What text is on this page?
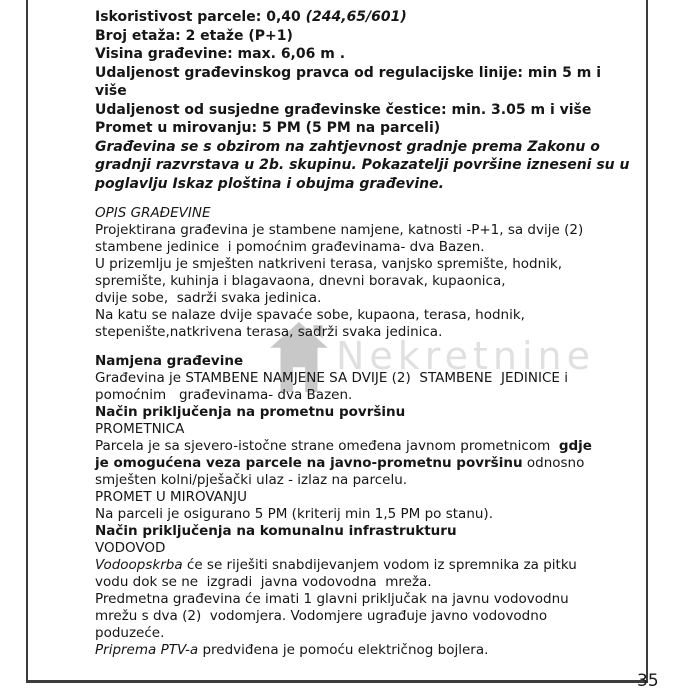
Nekretnine
Iskoristivost parcele: 0,40 (244,65/601)
Broj etaža: 2 etaže (P+1)
Visina građevine: max. 6,06 m .
Udaljenost građevinskog pravca od regulacijske linije: min 5 m i
više
Udaljenost od susjedne građevinske čestice: min. 3.05 m i više
Promet u mirovanju: 5 PM (5 PM na parceli)
Građevina se s obzirom na zahtjevnost gradnje prema Zakonu o
gradnji razvrstava u 2b. skupinu. Pokazatelji površine izneseni su u
poglavlju Iskaz ploština i obujma građevine.
OPIS GRAĐEVINE
Projektirana građevina je stambene namjene, katnosti -P+1, sa dvije (2)
stambene jedinice  i pomoćnim građevinama- dva Bazen.
U prizemlju je smješten natkriveni terasa, vanjsko spremište, hodnik,
spremište, kuhinja i blagavaona, dnevni boravak, kupaonica,
dvije sobe,  sadrži svaka jedinica.
Na katu se nalaze dvije spavaće sobe, kupaona, terasa, hodnik,
stepenište,natkrivena terasa, sadrži svaka jedinica.
Namjena građevine
Građevina je STAMBENE NAMJENE SA DVIJE (2)  STAMBENE  JEDINICE i
pomoćnim   građevinama- dva Bazen.
Način priključenja na prometnu površinu
PROMETNICA
Parcela je sa sjevero-istočne strane omeđena javnom prometnicom  gdje
je omogućena veza parcele na javno-prometnu površinu odnosno
smješten kolni/pješački ulaz - izlaz na parcelu.
PROMET U MIROVANJU
Na parceli je osigurano 5 PM (kriterij min 1,5 PM po stanu).
Način priključenja na komunalnu infrastrukturu
VODOVOD
Vodoopskrba će se riješiti snabdijevanjem vodom iz spremnika za pitku
vodu dok se ne  izgradi  javna vodovodna  mreža.
Predmetna građevina će imati 1 glavni priključak na javnu vodovodnu
mrežu s dva (2)  vodomjera. Vodomjere ugrađuje javno vodovodno
poduzeće.
Priprema PTV-a predviđena je pomoću električnog bojlera.
35
